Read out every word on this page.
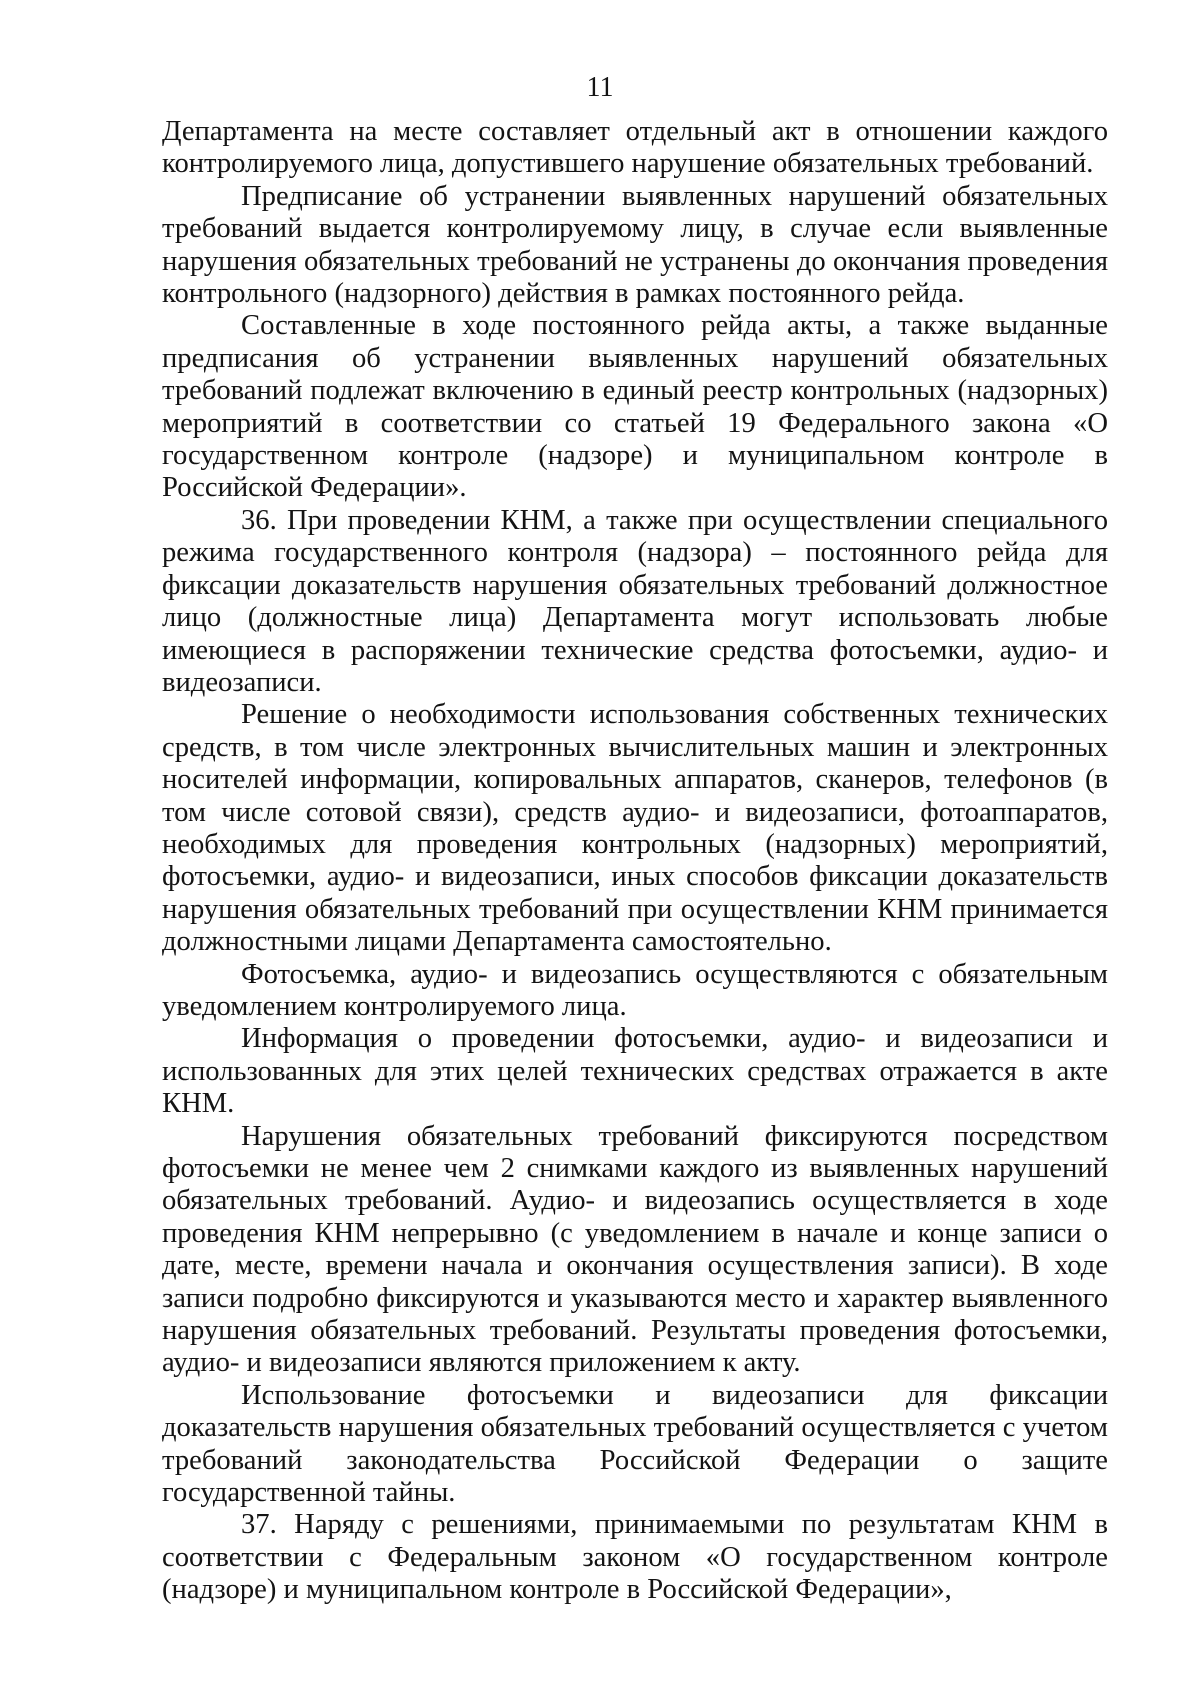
11

Департамента на месте составляет отдельный акт в отношении каждого контролируемого лица, допустившего нарушение обязательных требований.

Предписание об устранении выявленных нарушений обязательных требований выдается контролируемому лицу, в случае если выявленные нарушения обязательных требований не устранены до окончания проведения контрольного (надзорного) действия в рамках постоянного рейда.

Составленные в ходе постоянного рейда акты, а также выданные предписания об устранении выявленных нарушений обязательных требований подлежат включению в единый реестр контрольных (надзорных) мероприятий в соответствии со статьей 19 Федерального закона «О государственном контроле (надзоре) и муниципальном контроле в Российской Федерации».

36. При проведении КНМ, а также при осуществлении специального режима государственного контроля (надзора) – постоянного рейда для фиксации доказательств нарушения обязательных требований должностное лицо (должностные лица) Департамента могут использовать любые имеющиеся в распоряжении технические средства фотосъемки, аудио- и видеозаписи.

Решение о необходимости использования собственных технических средств, в том числе электронных вычислительных машин и электронных носителей информации, копировальных аппаратов, сканеров, телефонов (в том числе сотовой связи), средств аудио- и видеозаписи, фотоаппаратов, необходимых для проведения контрольных (надзорных) мероприятий, фотосъемки, аудио- и видеозаписи, иных способов фиксации доказательств нарушения обязательных требований при осуществлении КНМ принимается должностными лицами Департамента самостоятельно.

Фотосъемка, аудио- и видеозапись осуществляются с обязательным уведомлением контролируемого лица.

Информация о проведении фотосъемки, аудио- и видеозаписи и использованных для этих целей технических средствах отражается в акте КНМ.

Нарушения обязательных требований фиксируются посредством фотосъемки не менее чем 2 снимками каждого из выявленных нарушений обязательных требований. Аудио- и видеозапись осуществляется в ходе проведения КНМ непрерывно (с уведомлением в начале и конце записи о дате, месте, времени начала и окончания осуществления записи). В ходе записи подробно фиксируются и указываются место и характер выявленного нарушения обязательных требований. Результаты проведения фотосъемки, аудио- и видеозаписи являются приложением к акту.

Использование фотосъемки и видеозаписи для фиксации доказательств нарушения обязательных требований осуществляется с учетом требований законодательства Российской Федерации о защите государственной тайны.

37. Наряду с решениями, принимаемыми по результатам КНМ в соответствии с Федеральным законом «О государственном контроле (надзоре) и муниципальном контроле в Российской Федерации»,
